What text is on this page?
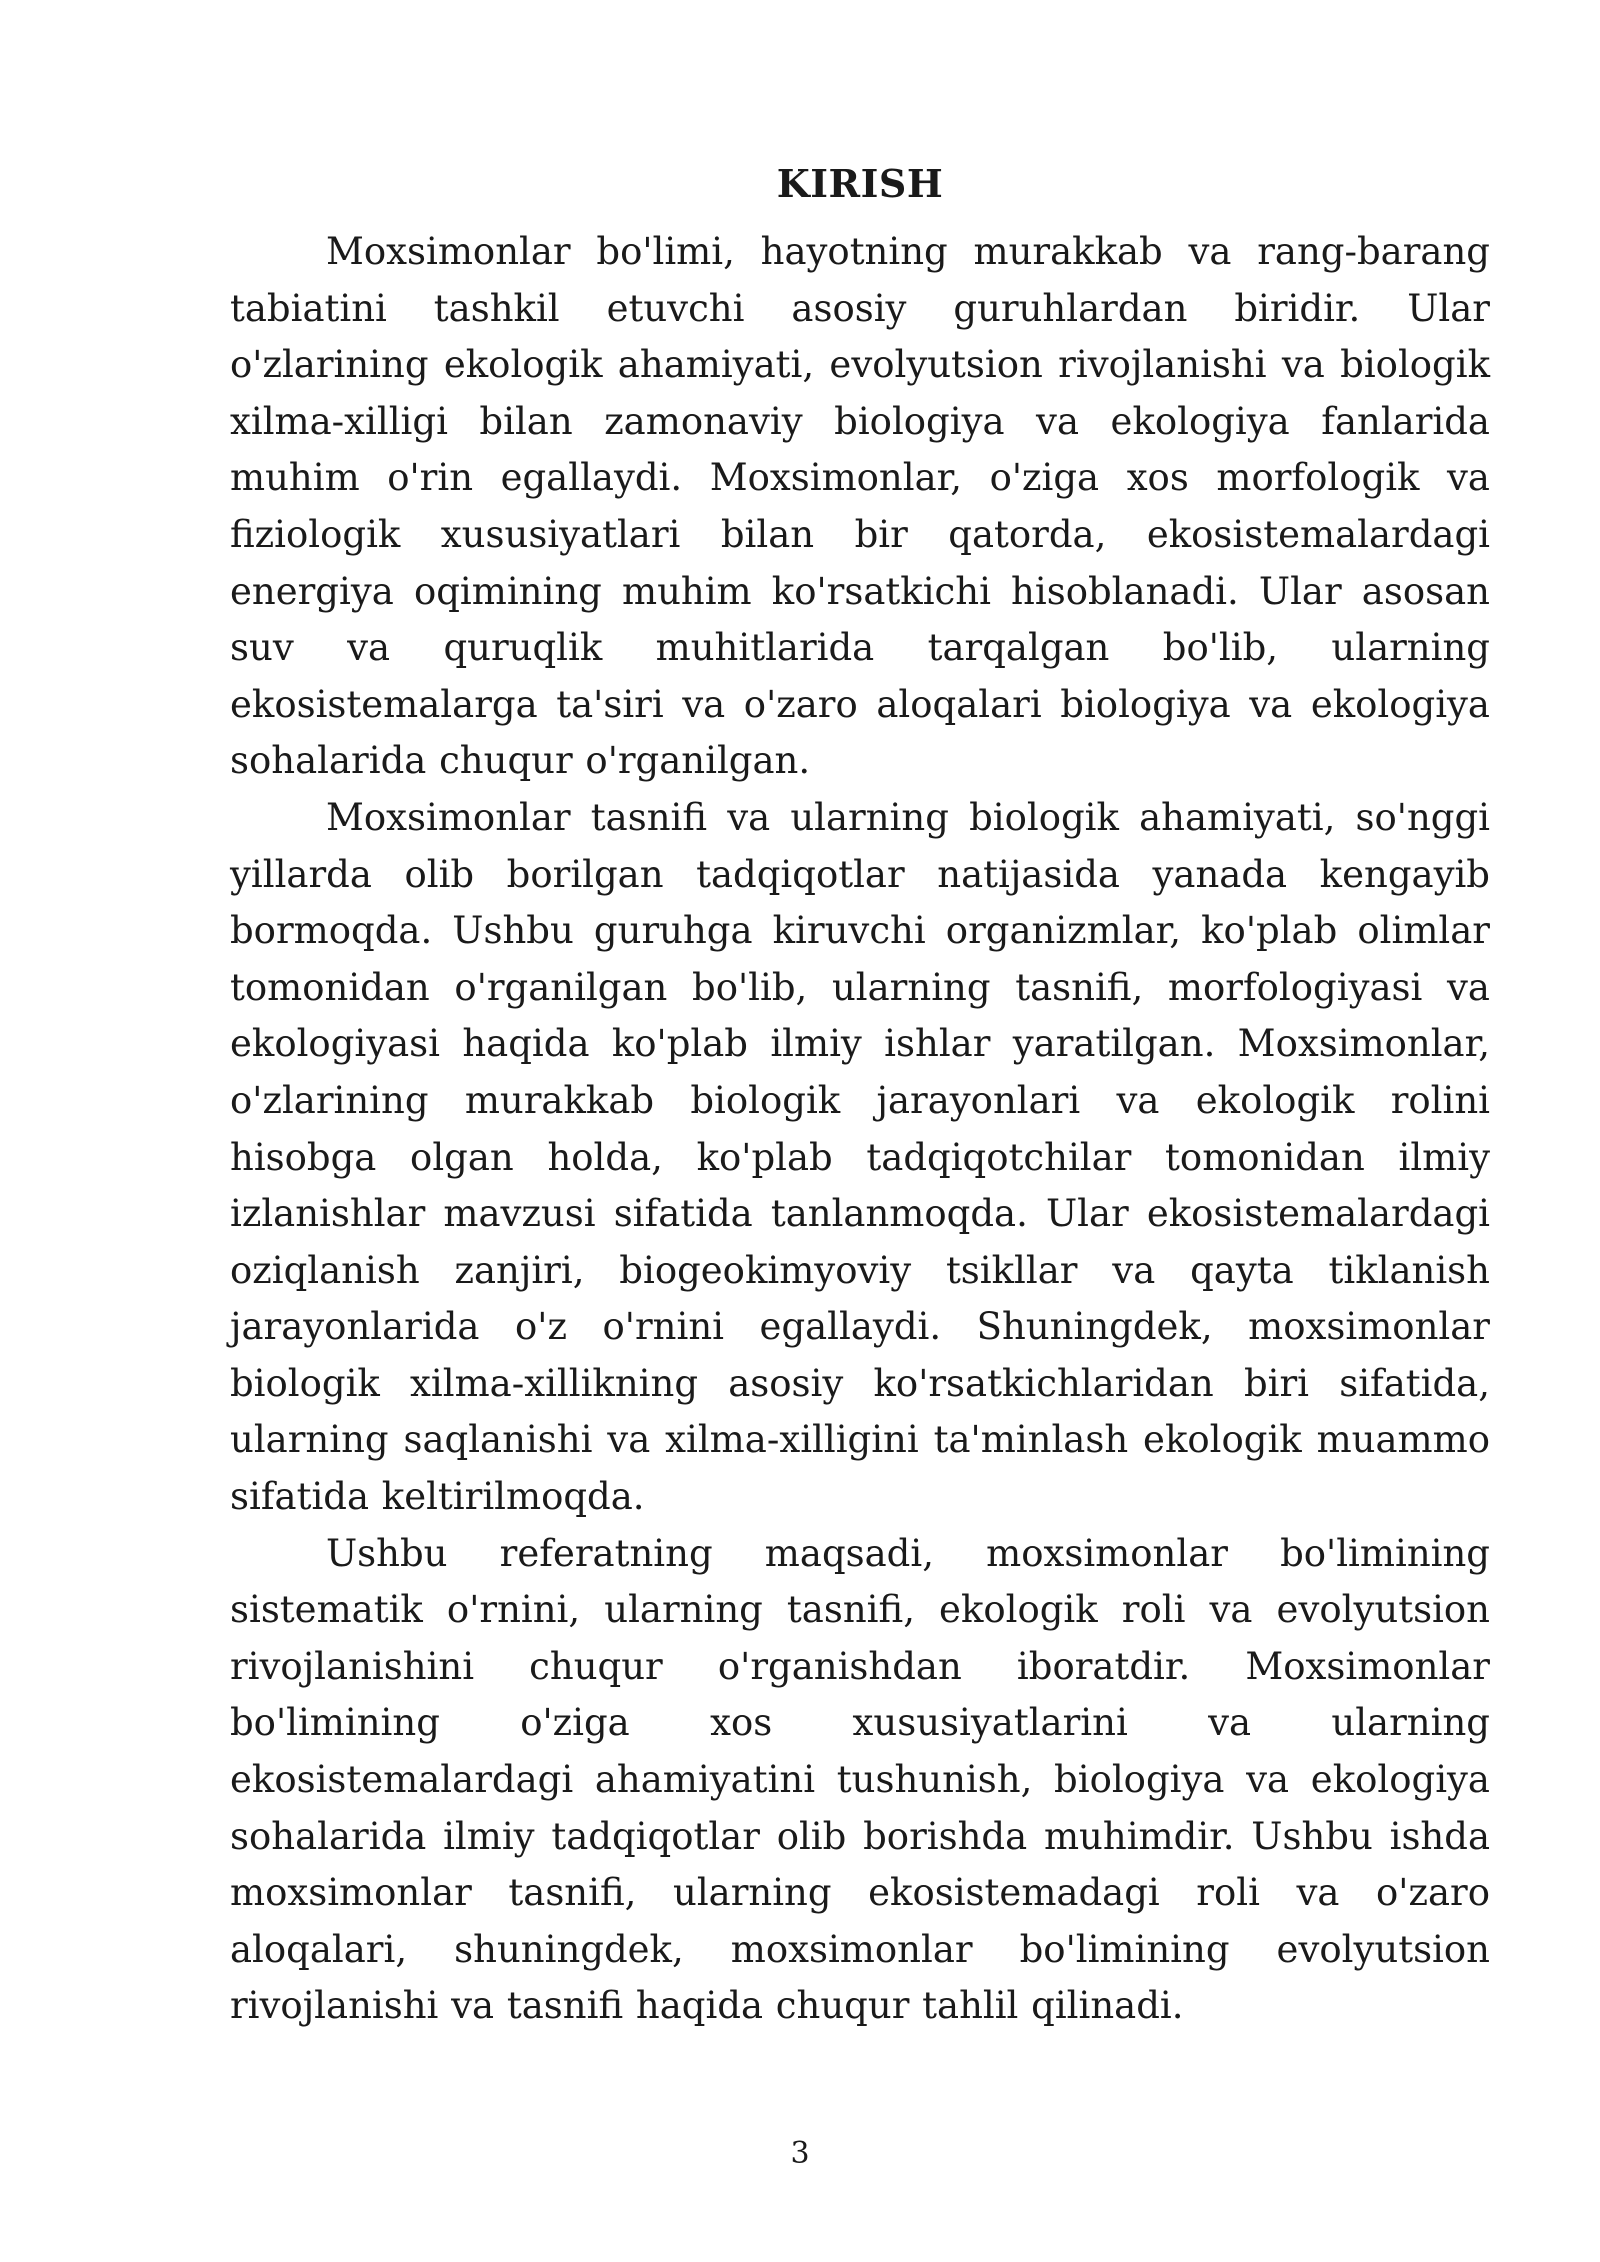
KIRISH

Moxsimonlar bo'limi, hayotning murakkab va rang-barang tabiatini tashkil etuvchi asosiy guruhlardan biridir. Ular o'zlarining ekologik ahamiyati, evolyutsion rivojlanishi va biologik xilma-xilligi bilan zamonaviy biologiya va ekologiya fanlarida muhim o'rin egallaydi. Moxsimonlar, o'ziga xos morfologik va fiziologik xususiyatlari bilan bir qatorda, ekosistemalardagi energiya oqimining muhim ko'rsatkichi hisoblanadi. Ular asosan suv va quruqlik muhitlarida tarqalgan bo'lib, ularning ekosistemalarga ta'siri va o'zaro aloqalari biologiya va ekologiya sohalarida chuqur o'rganilgan.

Moxsimonlar tasnifi va ularning biologik ahamiyati, so'nggi yillarda olib borilgan tadqiqotlar natijasida yanada kengayib bormoqda. Ushbu guruhga kiruvchi organizmlar, ko'plab olimlar tomonidan o'rganilgan bo'lib, ularning tasnifi, morfologiyasi va ekologiyasi haqida ko'plab ilmiy ishlar yaratilgan. Moxsimonlar, o'zlarining murakkab biologik jarayonlari va ekologik rolini hisobga olgan holda, ko'plab tadqiqotchilar tomonidan ilmiy izlanishlar mavzusi sifatida tanlanmoqda. Ular ekosistemalardagi oziqlanish zanjiri, biogeokimyoviy tsikllar va qayta tiklanish jarayonlarida o'z o'rnini egallaydi. Shuningdek, moxsimonlar biologik xilma-xillikning asosiy ko'rsatkichlaridan biri sifatida, ularning saqlanishi va xilma-xilligini ta'minlash ekologik muammo sifatida keltirilmoqda.

Ushbu referatning maqsadi, moxsimonlar bo'limining sistematik o'rnini, ularning tasnifi, ekologik roli va evolyutsion rivojlanishini chuqur o'rganishdan iboratdir. Moxsimonlar bo'limining o'ziga xos xususiyatlarini va ularning ekosistemalardagi ahamiyatini tushunish, biologiya va ekologiya sohalarida ilmiy tadqiqotlar olib borishda muhimdir. Ushbu ishda moxsimonlar tasnifi, ularning ekosistemadagi roli va o'zaro aloqalari, shuningdek, moxsimonlar bo'limining evolyutsion rivojlanishi va tasnifi haqida chuqur tahlil qilinadi.

3
